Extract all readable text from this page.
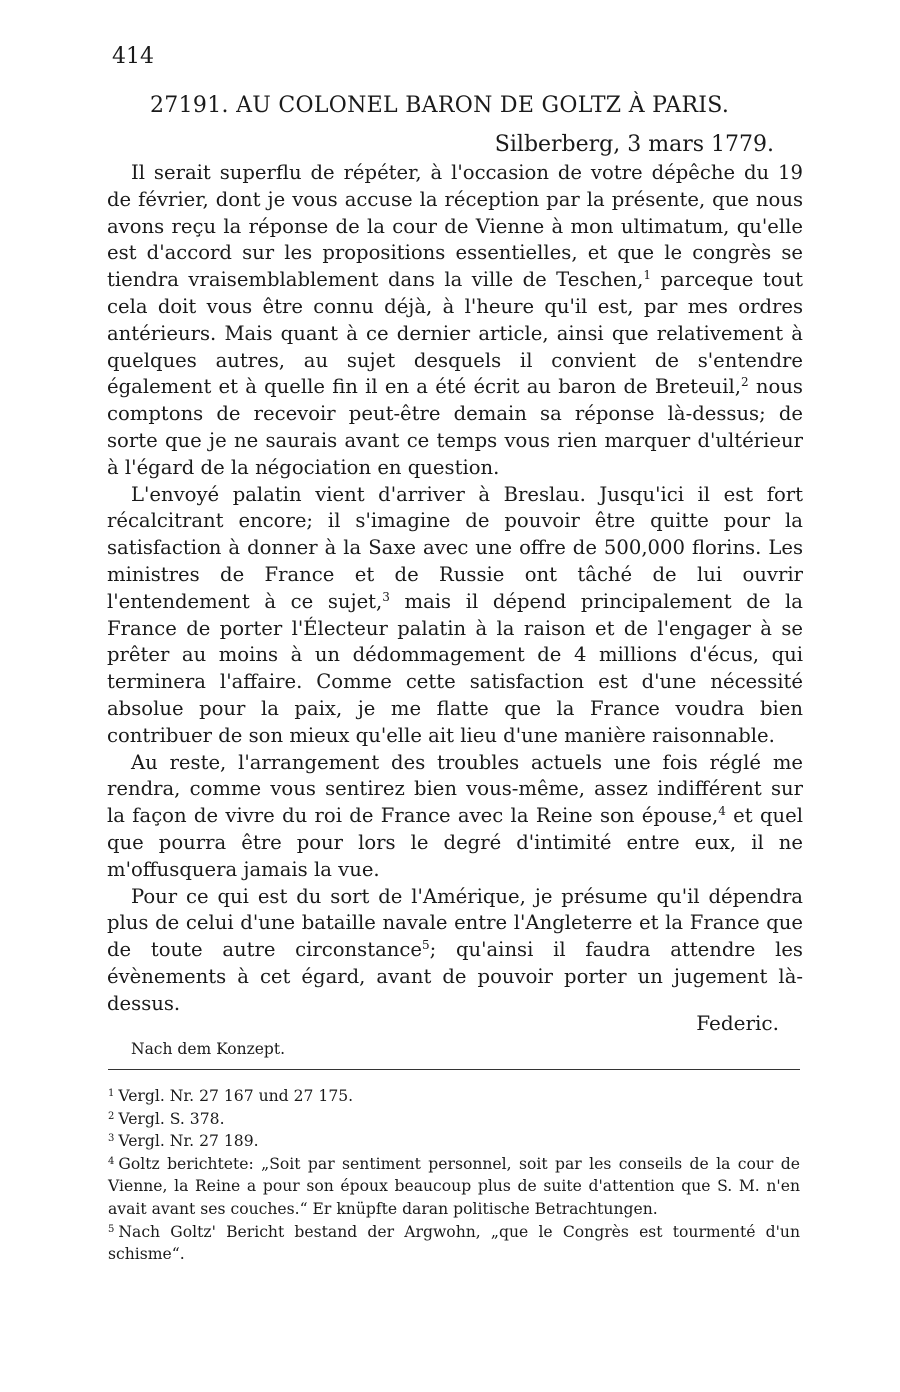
414
27191. AU COLONEL BARON DE GOLTZ À PARIS.
Silberberg, 3 mars 1779.

Il serait superflu de répéter, à l'occasion de votre dépêche du 19 de février, dont je vous accuse la réception par la présente, que nous avons reçu la réponse de la cour de Vienne à mon ultimatum, qu'elle est d'accord sur les propositions essentielles, et que le congrès se tiendra vraisemblablement dans la ville de Teschen,$^1$ parceque tout cela doit vous être connu déjà, à l'heure qu'il est, par mes ordres antérieurs. Mais quant à ce dernier article, ainsi que relativement à quelques autres, au sujet desquels il convient de s'entendre également et à quelle fin il en a été écrit au baron de Breteuil,$^2$ nous comptons de recevoir peut-être demain sa réponse là-dessus; de sorte que je ne saurais avant ce temps vous rien marquer d'ultérieur à l'égard de la négociation en question.

L'envoyé palatin vient d'arriver à Breslau. Jusqu'ici il est fort récalcitrant encore; il s'imagine de pouvoir être quitte pour la satisfaction à donner à la Saxe avec une offre de 500,000 florins. Les ministres de France et de Russie ont tâché de lui ouvrir l'entendement à ce sujet,$^3$ mais il dépend principalement de la France de porter l'Électeur palatin à la raison et de l'engager à se prêter au moins à un dédommagement de 4 millions d'écus, qui terminera l'affaire. Comme cette satisfaction est d'une nécessité absolue pour la paix, je me flatte que la France voudra bien contribuer de son mieux qu'elle ait lieu d'une manière raisonnable.

Au reste, l'arrangement des troubles actuels une fois réglé me rendra, comme vous sentirez bien vous-même, assez indifférent sur la façon de vivre du roi de France avec la Reine son épouse,$^4$ et quel que pourra être pour lors le degré d'intimité entre eux, il ne m'offusquera jamais la vue.

Pour ce qui est du sort de l'Amérique, je présume qu'il dépendra plus de celui d'une bataille navale entre l'Angleterre et la France que de toute autre circonstance$^5$; qu'ainsi il faudra attendre les évènements à cet égard, avant de pouvoir porter un jugement là-dessus.

Federic.
Nach dem Konzept.
$^1$ Vergl. Nr. 27 167 und 27 175.
$^2$ Vergl. S. 378.
$^3$ Vergl. Nr. 27 189.
$^4$ Goltz berichtete: „Soit par sentiment personnel, soit par les conseils de la cour de Vienne, la Reine a pour son époux beaucoup plus de suite d'attention que S. M. n'en avait avant ses couches.“ Er knüpfte daran politische Betrachtungen.
$^5$ Nach Goltz' Bericht bestand der Argwohn, „que le Congrès est tourmenté d'un schisme“.
